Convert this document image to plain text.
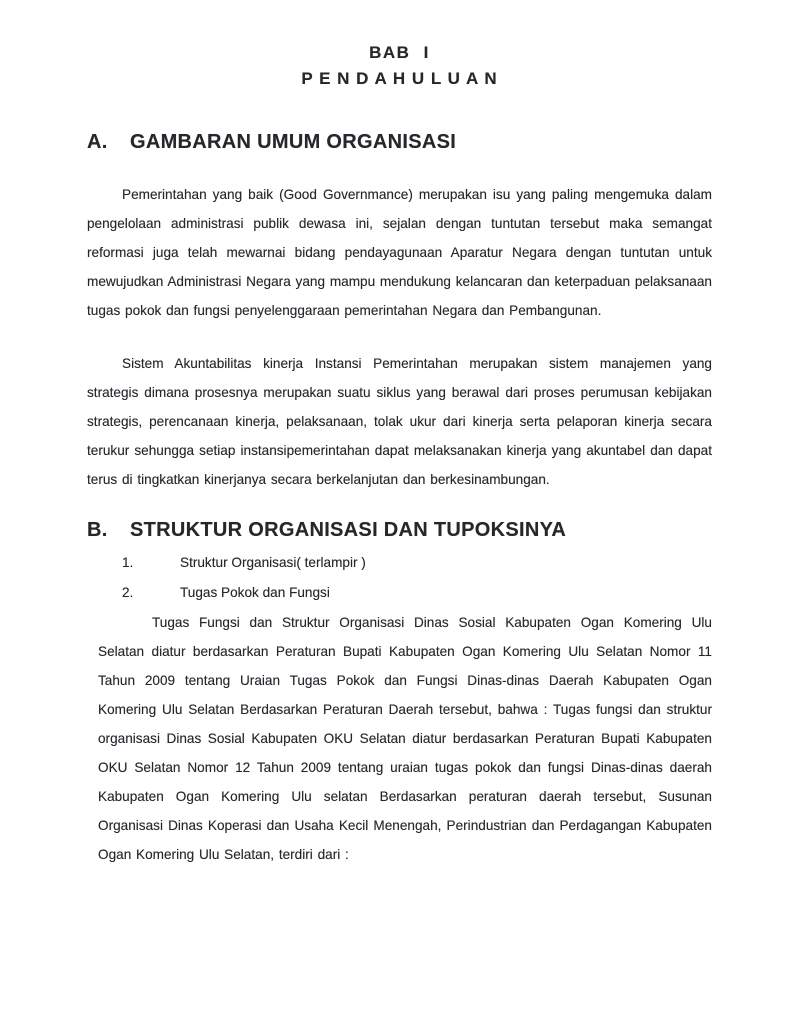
BAB I
P E N D A H U L U A N
A.	GAMBARAN UMUM ORGANISASI

Pemerintahan yang baik (Good Governmance) merupakan isu yang paling mengemuka dalam pengelolaan administrasi publik dewasa ini, sejalan dengan tuntutan tersebut maka semangat reformasi juga telah mewarnai bidang pendayagunaan Aparatur Negara dengan tuntutan untuk mewujudkan Administrasi Negara yang mampu mendukung kelancaran dan keterpaduan pelaksanaan tugas pokok dan fungsi penyelenggaraan pemerintahan Negara dan Pembangunan.

Sistem Akuntabilitas kinerja Instansi Pemerintahan merupakan sistem manajemen yang strategis dimana prosesnya merupakan suatu siklus yang berawal dari proses perumusan kebijakan strategis, perencanaan kinerja, pelaksanaan, tolak ukur dari kinerja serta pelaporan kinerja secara terukur sehungga setiap instansipemerintahan dapat melaksanakan kinerja yang akuntabel dan dapat terus di tingkatkan kinerjanya secara berkelanjutan dan berkesinambungan.

B.	STRUKTUR ORGANISASI DAN TUPOKSINYA
1.	Struktur Organisasi( terlampir )
2.	Tugas Pokok dan Fungsi

Tugas Fungsi dan Struktur Organisasi Dinas Sosial Kabupaten Ogan Komering Ulu Selatan diatur berdasarkan Peraturan Bupati Kabupaten Ogan Komering Ulu Selatan Nomor 11 Tahun 2009 tentang Uraian Tugas Pokok dan Fungsi Dinas-dinas Daerah Kabupaten Ogan Komering Ulu Selatan Berdasarkan Peraturan Daerah tersebut, bahwa : Tugas fungsi dan struktur organisasi Dinas Sosial Kabupaten OKU Selatan diatur berdasarkan Peraturan Bupati Kabupaten OKU Selatan Nomor 12 Tahun 2009 tentang uraian tugas pokok dan fungsi Dinas-dinas daerah Kabupaten Ogan Komering Ulu selatan Berdasarkan peraturan daerah tersebut, Susunan Organisasi Dinas Koperasi dan Usaha Kecil Menengah, Perindustrian dan Perdagangan Kabupaten Ogan Komering Ulu Selatan, terdiri dari :
